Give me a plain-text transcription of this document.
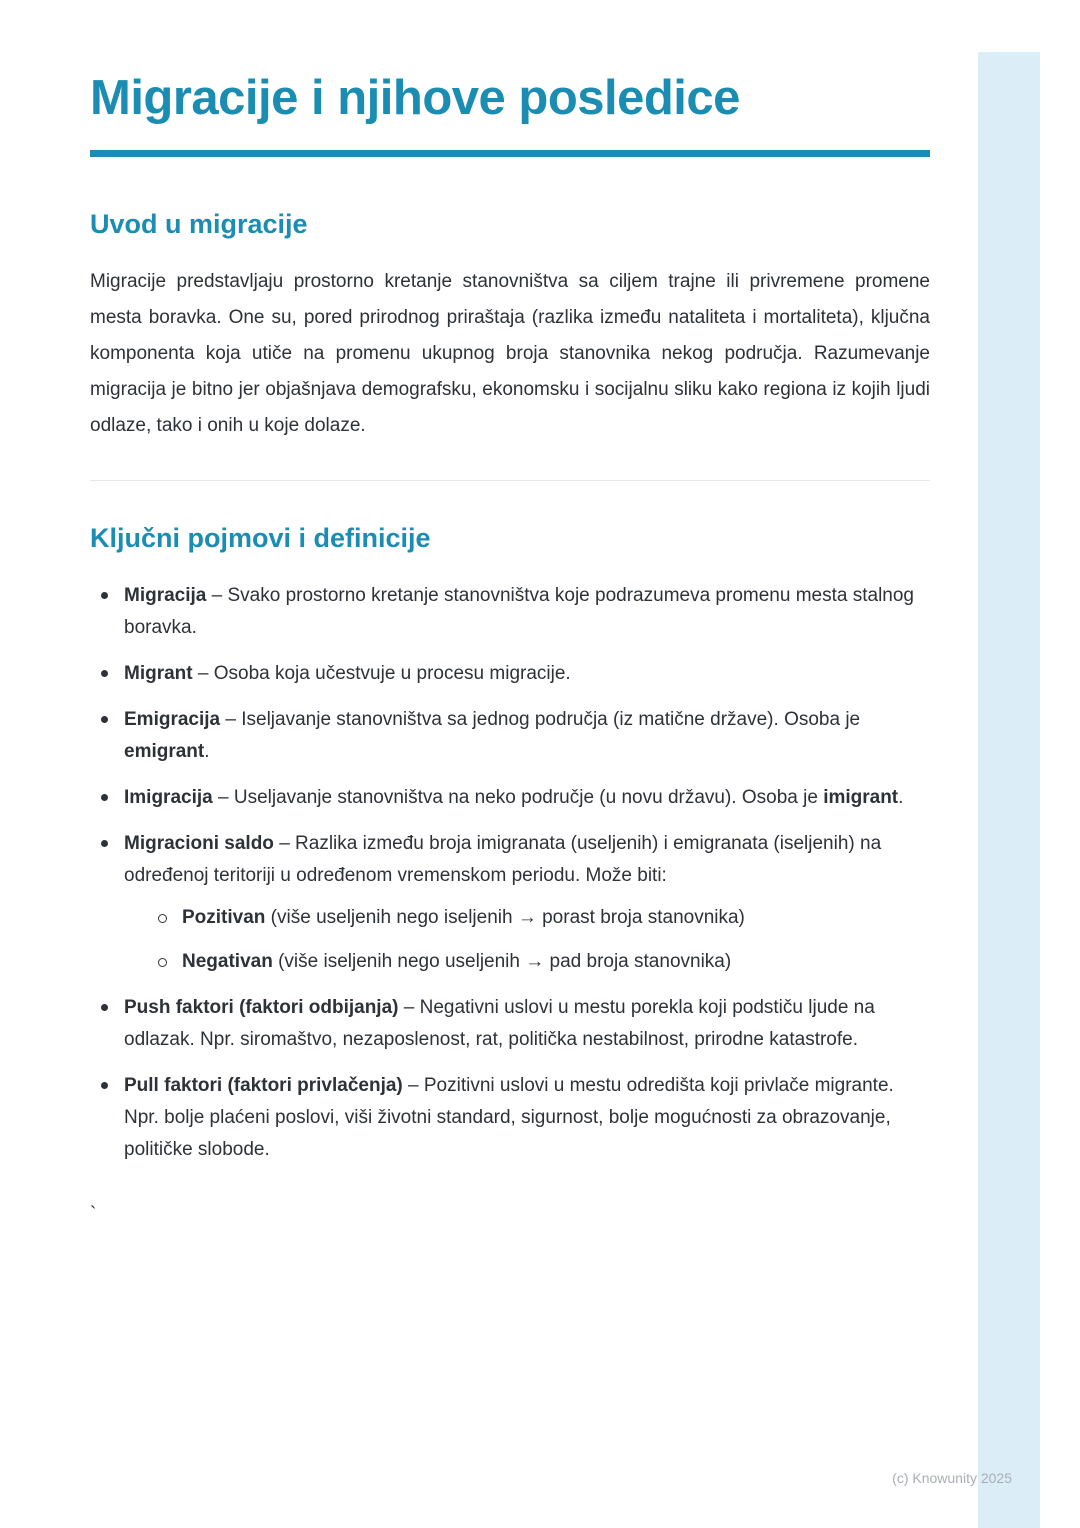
Migracije i njihove posledice
Uvod u migracije

Migracije predstavljaju prostorno kretanje stanovništva sa ciljem trajne ili privremene promene mesta boravka. One su, pored prirodnog priraštaja (razlika između nataliteta i mortaliteta), ključna komponenta koja utiče na promenu ukupnog broja stanovnika nekog područja. Razumevanje migracija je bitno jer objašnjava demografsku, ekonomsku i socijalnu sliku kako regiona iz kojih ljudi odlaze, tako i onih u koje dolaze.

Ključni pojmovi i definicije
Migracija – Svako prostorno kretanje stanovništva koje podrazumeva promenu mesta stalnog boravka.
Migrant – Osoba koja učestvuje u procesu migracije.
Emigracija – Iseljavanje stanovništva sa jednog područja (iz matične države). Osoba je emigrant.
Imigracija – Useljavanje stanovništva na neko područje (u novu državu). Osoba je imigrant.
Migracioni saldo – Razlika između broja imigranata (useljenih) i emigranata (iseljenih) na određenoj teritoriji u određenom vremenskom periodu. Može biti:
Pozitivan (više useljenih nego iseljenih → porast broja stanovnika)
Negativan (više iseljenih nego useljenih → pad broja stanovnika)
Push faktori (faktori odbijanja) – Negativni uslovi u mestu porekla koji podstiču ljude na odlazak. Npr. siromaštvo, nezaposlenost, rat, politička nestabilnost, prirodne katastrofe.
Pull faktori (faktori privlačenja) – Pozitivni uslovi u mestu odredišta koji privlače migrante. Npr. bolje plaćeni poslovi, viši životni standard, sigurnost, bolje mogućnosti za obrazovanje, političke slobode.
`
(c) Knowunity 2025
